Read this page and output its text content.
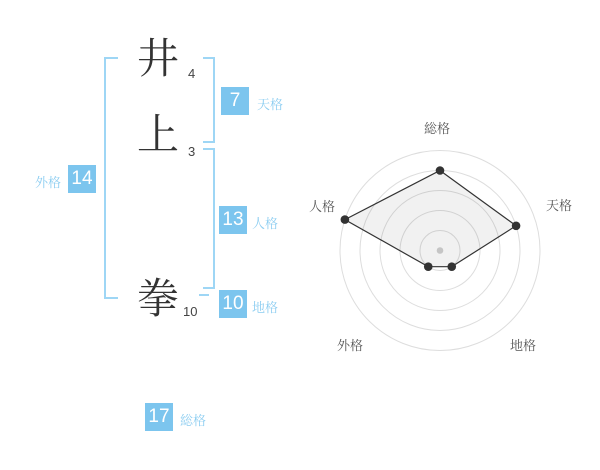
井 4
上 3
拳 10
7	天格
13 人格
10 地格
14
外格
17 総格
総格
天格
地格
外格
人格
